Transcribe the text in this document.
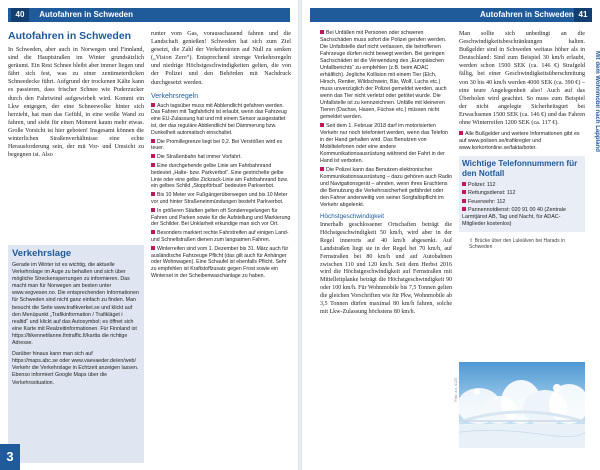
40 Autofahren in Schweden
Autofahren in Schweden
In Schweden, aber auch in Norwegen und Finnland, sind die Hauptstraßen im Winter grundsätzlich geräumt. Ein Rest Schnee bleibt aber immer liegen und fährt sich fest, was zu einer zentimeterdicken Schneedecke führt. Aufgrund der trockenen Kälte kann es passieren, dass frischer Schnee wie Puderzucker durch den Fahrtwind aufgewirbelt wird. Kommt ein Lkw entgegen, der eine Schneewolke hinter sich herzieht, hat man das Gefühl, in eine weiße Wand zu fahren, und sieht für einen Moment kaum mehr etwas. Große Vorsicht ist hier geboten! Insgesamt können die winterlichen Straßenverhältnisse eine echte Herausforderung sein, der mit Vor- und Umsicht zu begegnen ist. Also
runter vom Gas, vorausschauend fahren und die Landschaft genießen! Schweden hat sich zum Ziel gesetzt, die Zahl der Verkehrstoten auf Null zu senken („Vision Zero“). Entsprechend strenge Verkehrsregeln und niedrige Höchstgeschwindigkeiten gelten, die von der Polizei und den Behörden mit Nachdruck durchgesetzt werden.
Verkehrsregeln
Auch tagsüber muss mit Abblendlicht gefahren werden. Das Fahren mit Tagfahrlicht ist erlaubt, wenn das Fahrzeug eine EU-Zulassung hat und mit einem Sensor ausgestattet ist, der das reguläre Abblendlicht bei Dämmerung bzw. Dunkelheit automatisch einschaltet.
Die Promillegrenze liegt bei 0,2. Bei Verstößen wird es teuer.
Die Straßenbahn hat immer Vorfahrt.
Eine durchgehende gelbe Linie am Fahrbahnrand bedeutet „Halte- bzw. Parkverbot“. Eine gestrichelte gelbe Linie oder eine gelbe Zickzack-Linie am Fahrbahnrand bzw. ein gelbes Schild „Stoppförbud“ bedeuten Parkverbot.
Bis 10 Meter vor Fußgängerüberwegen und bis 10 Meter vor und hinter Straßeneinmündungen besteht Parkverbot.
In größeren Städten gelten oft Sonderregelungen für Fahren und Parken sowie für die Aufstellung und Markierung der Schilder. Bei Unklarheit erkundige man sich vor Ort.
Besonders markiert rechte Fahrstreifen auf einigen Land- und Schnellstraßen dienen zum langsamen Fahren.
Winterreifen sind vom 1. Dezember bis 31. März auch für ausländische Fahrzeuge Pflicht (das gilt auch für Anhänger oder Wohnwagen). Eine Schaufel ist ebenfalls Pflicht. Sehr zu empfehlen ist Kraftstoffzusatz gegen Frost sowie ein Winterset in der Scheibenwaschanlage zu haben.
Verkehrslage

Gerade im Winter ist es wichtig, die aktuelle Verkehrslage im Auge zu behalten und sich über mögliche Streckensperrungen zu informieren. Das macht man für Norwegen am besten unter www.vegvesen.no. Die entsprechenden Informationen für Schweden sind nicht ganz einfach zu finden. Man besucht die Seite www.trafikverket.se und klickt auf den Menüpunkt „Trafikinformation / Trafikläget i realtid“ und klickt auf das Autosymbol; es öffnet sich eine Karte mit Realzeitinformationen. Für Finnland ist https://liikennetilanne.fintraffic.fi/kartta die richtige Adresse.

Darüber hinaus kann man sich auf https://maps.abc.se oder www.vaevaeder.de/en/web/ Verkehr die Verkehrslage in Echtzeit anzeigen lassen. Ebenso informiert Google Maps über die Verkehrssituation.

3
Autofahren in Schweden 41
Mit dem Wohnmobil nach Lappland
Bei Unfällen mit Personen oder schweren Sachschäden muss sofort die Polizei gerufen werden. Die Unfallstelle darf nicht verlassen, die betroffenen Fahrzeuge dürfen nicht bewegt werden. Bei geringen Sachschäden ist die Verwendung des „Europäischen Unfallberichts“ zu empfehlen (z.B. beim ADAC erhältlich). Jegliche Kollision mit einem Tier (Elch, Hirsch, Rentier, Wildschwein, Bär, Wolf, Luchs etc.) muss unverzüglich der Polizei gemeldet werden, auch wenn das Tier nicht verletzt oder getötet wurde. Die Unfallstelle ist zu kennzeichnen. Unfälle mit kleineren Tieren (Dachse, Hasen, Füchse etc.) müssen nicht gemeldet werden.
Seit dem 1. Februar 2018 darf im motorisierten Verkehr nur noch telefoniert werden, wenn das Telefon in der Hand gehalten wird. Das Benutzen von Mobiltelefonen oder eine andere Kommunikationsausrüstung während der Fahrt in der Hand ist verboten.
Die Polizei kann das Benutzen elektronischer Kommunikationsausrüstung – dazu gehören auch Radio und Navigationsgerät – ahnden, wenn ihres Erachtens die Benutzung die Verkehrssicherheit gefährdet oder den Fahrer anderweitig von seiner Sorgfaltspflicht im Verkehr abgelenkt.
Höchstgeschwindigkeit
Innerhalb geschlossener Ortschaften beträgt die Höchstgeschwindigkeit 50 km/h, wird aber in der Regel innerorts auf 40 km/h abgesenkt. Auf Landstraßen liegt sie in der Regel bei 70 km/h, auf Fernstraßen bei 80 km/h und auf Autobahnen zwischen 110 und 120 km/h. Seit dem Herbst 2016 wird die Höchstgeschwindigkeit auf Fernstraßen mit Mittelleitplanke beträgt die Höchstgeschwindigkeit 90 oder 100 km/h. Für Wohnmobile bis 7,5 Tonnen gelten die gleichen Vorschriften wie für Pkw, Wohnmobile ab 3,5 Tonnen dürfen maximal 80 km/h fahren, solche mit Lkw-Zulassung höchstens 80 km/h.
Man sollte sich unbedingt an die Geschwindigkeitsbeschränkungen halten. Bußgelder sind in Schweden weitaus höher als in Deutschland: Sind zum Beispiel 30 km/h erlaubt, werden schon 1500 SEK (ca. 146 €) Strafgeld fällig, bei einer Geschwindigkeitsüberschreitung von 30 bis 40 km/h werden 4000 SEK (ca. 390 €) – eine teure Angelegenheit also! Auch auf das Überholen wird geachtet. So muss zum Beispiel der nicht angelegte Sicherheitsgurt bei Erwachsenen 1500 SEK (ca. 146 €) und das Fahren ohne Winterreifen 1200 SEK (ca. 117 €).
Alle Bußgelder und weitere Informationen gibt es auf www.polisen.se/trafikregler und www.korkortonline.se/fakta/boter.
Wichtige Telefonnummern für den Notfall
Polizei: 112
Rettungsdienst: 112
Feuerwehr: 112
Pannennotdienst: 020 91 00 40 (Zentrale Larmtjänst AB, Tag und Nacht, für ADAC-Mitglieder kostenlos)
⇧ Brücke über den Luleälven bei Harads in Schweden
Foto: a.b. 0123
